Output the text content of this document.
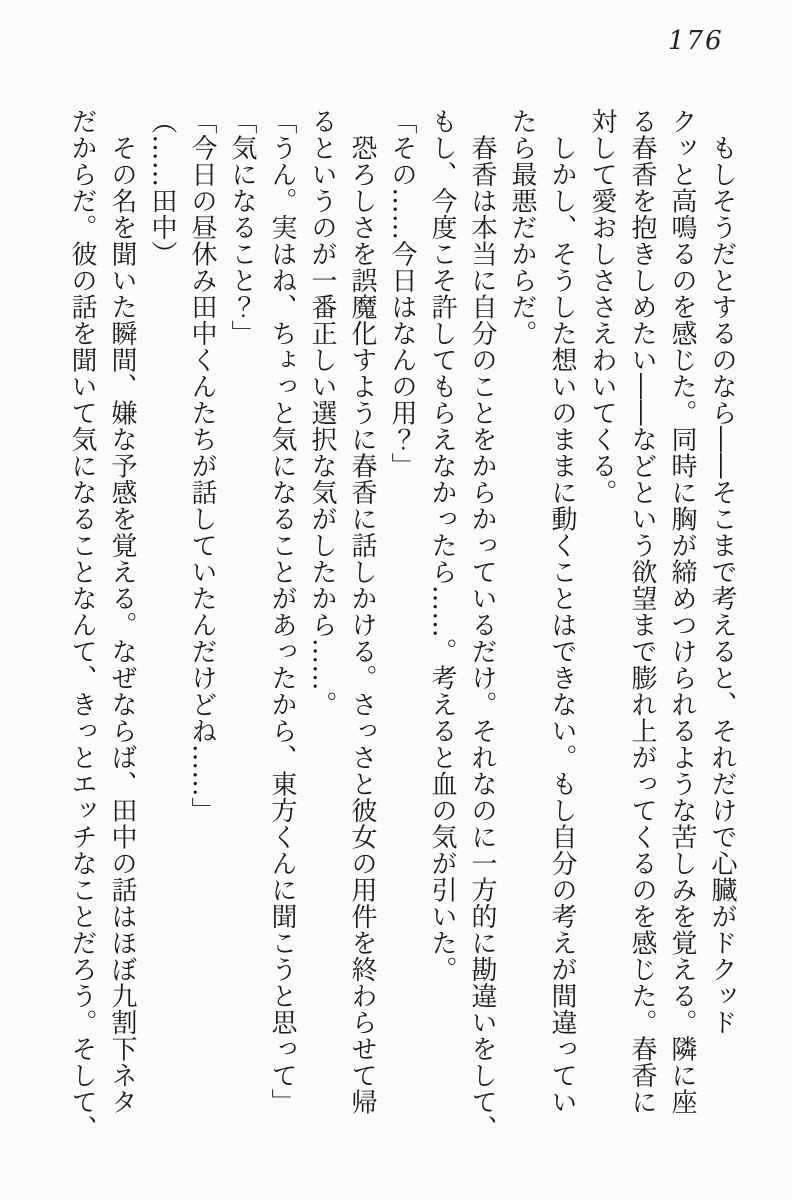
176
　もしそうだとするのなら――そこまで考えると、それだけで心臓がドクッド
クッと高鳴るのを感じた。同時に胸が締めつけられるような苦しみを覚える。隣に座
る春香を抱きしめたい――などという欲望まで膨れ上がってくるのを感じた。春香に
対して愛おしささえわいてくる。
　しかし、そうした想いのままに動くことはできない。もし自分の考えが間違ってい
たら最悪だからだ。
　春香は本当に自分のことをからかっているだけ。それなのに一方的に勘違いをして、
もし、今度こそ許してもらえなかったら……。考えると血の気が引いた。
「その……今日はなんの用？」
　恐ろしさを誤魔化すように春香に話しかける。さっさと彼女の用件を終わらせて帰
るというのが一番正しい選択な気がしたから……。
「うん。実はね、ちょっと気になることがあったから、東方くんに聞こうと思って」
「気になること？」
「今日の昼休み田中くんたちが話していたんだけどね……」
（……田中）
　その名を聞いた瞬間、嫌な予感を覚える。なぜならば、田中の話はほぼ九割下ネタ
だからだ。彼の話を聞いて気になることなんて、きっとエッチなことだろう。そして、
